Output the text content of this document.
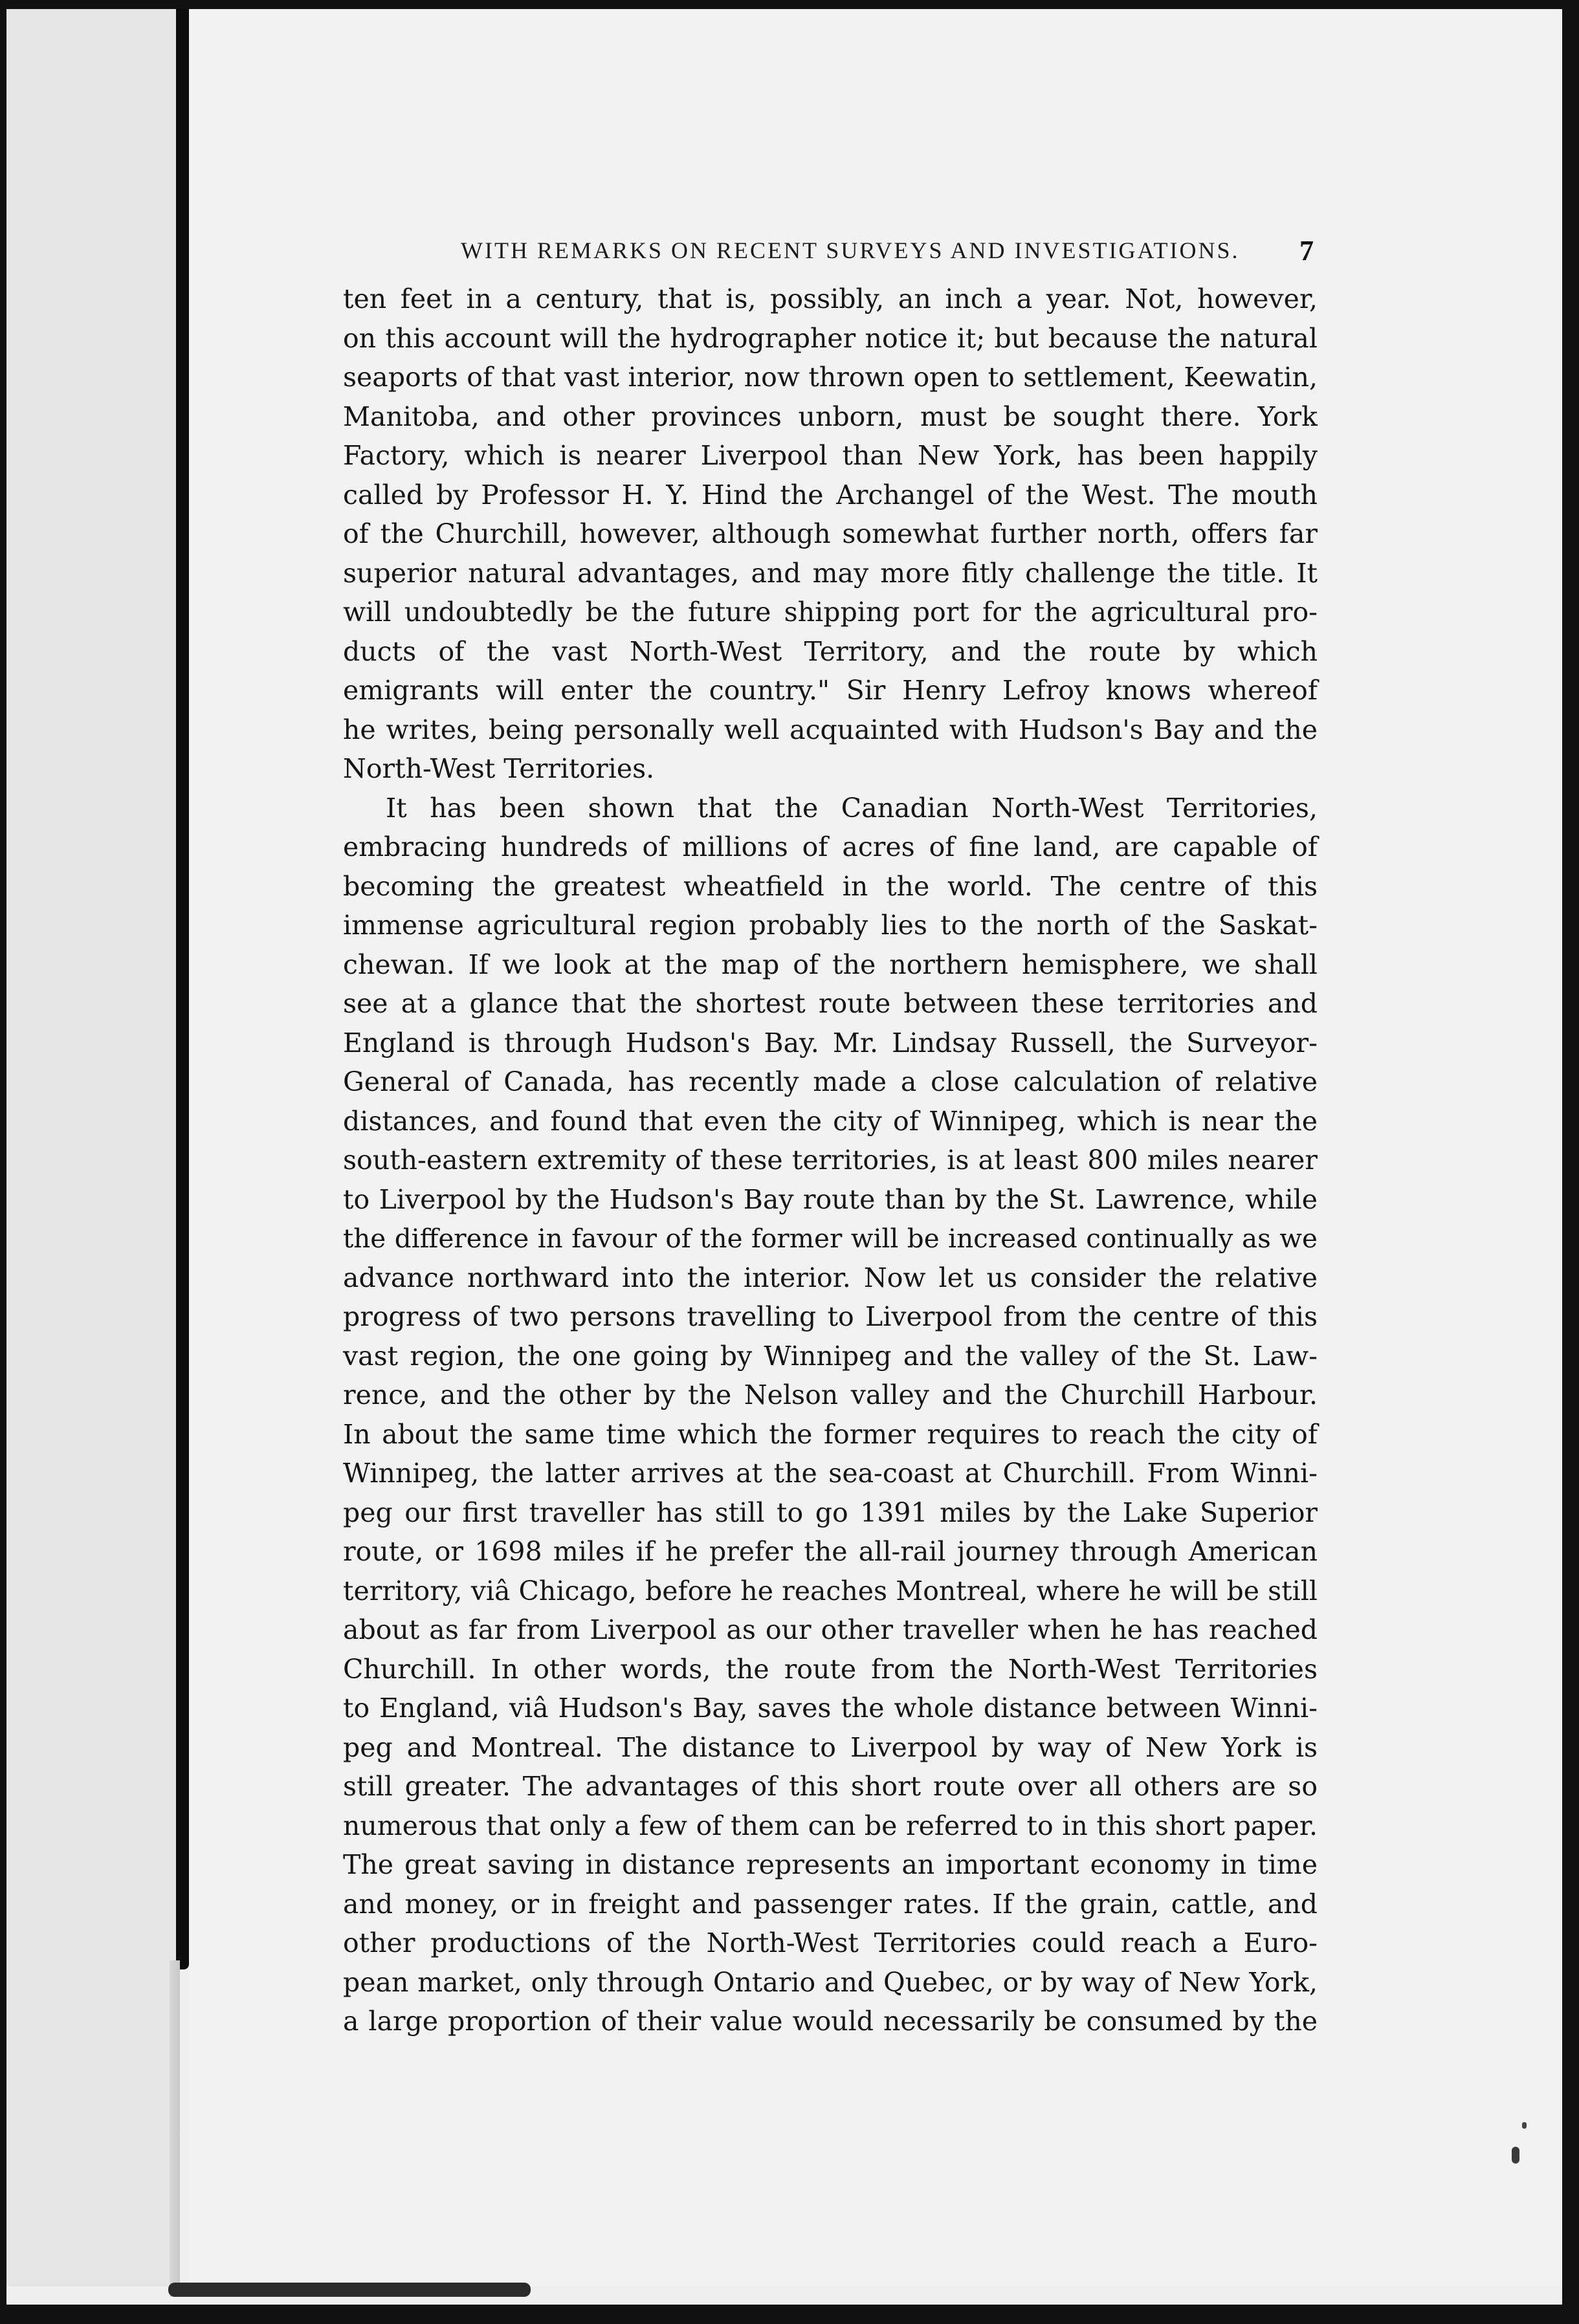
WITH REMARKS ON RECENT SURVEYS AND INVESTIGATIONS.	7
ten feet in a century, that is, possibly, an inch a year. Not, however,
on this account will the hydrographer notice it; but because the natural
seaports of that vast interior, now thrown open to settlement, Keewatin,
Manitoba, and other provinces unborn, must be sought there. York
Factory, which is nearer Liverpool than New York, has been happily
called by Professor H. Y. Hind the Archangel of the West. The mouth
of the Churchill, however, although somewhat further north, offers far
superior natural advantages, and may more fitly challenge the title. It
will undoubtedly be the future shipping port for the agricultural pro-
ducts of the vast North-West Territory, and the route by which
emigrants will enter the country." Sir Henry Lefroy knows whereof
he writes, being personally well acquainted with Hudson's Bay and the
North-West Territories.
It has been shown that the Canadian North-West Territories,
embracing hundreds of millions of acres of fine land, are capable of
becoming the greatest wheatfield in the world. The centre of this
immense agricultural region probably lies to the north of the Saskat-
chewan. If we look at the map of the northern hemisphere, we shall
see at a glance that the shortest route between these territories and
England is through Hudson's Bay. Mr. Lindsay Russell, the Surveyor-
General of Canada, has recently made a close calculation of relative
distances, and found that even the city of Winnipeg, which is near the
south-eastern extremity of these territories, is at least 800 miles nearer
to Liverpool by the Hudson's Bay route than by the St. Lawrence, while
the difference in favour of the former will be increased continually as we
advance northward into the interior. Now let us consider the relative
progress of two persons travelling to Liverpool from the centre of this
vast region, the one going by Winnipeg and the valley of the St. Law-
rence, and the other by the Nelson valley and the Churchill Harbour.
In about the same time which the former requires to reach the city of
Winnipeg, the latter arrives at the sea-coast at Churchill. From Winni-
peg our first traveller has still to go 1391 miles by the Lake Superior
route, or 1698 miles if he prefer the all-rail journey through American
territory, viâ Chicago, before he reaches Montreal, where he will be still
about as far from Liverpool as our other traveller when he has reached
Churchill. In other words, the route from the North-West Territories
to England, viâ Hudson's Bay, saves the whole distance between Winni-
peg and Montreal. The distance to Liverpool by way of New York is
still greater. The advantages of this short route over all others are so
numerous that only a few of them can be referred to in this short paper.
The great saving in distance represents an important economy in time
and money, or in freight and passenger rates. If the grain, cattle, and
other productions of the North-West Territories could reach a Euro-
pean market, only through Ontario and Quebec, or by way of New York,
a large proportion of their value would necessarily be consumed by the
